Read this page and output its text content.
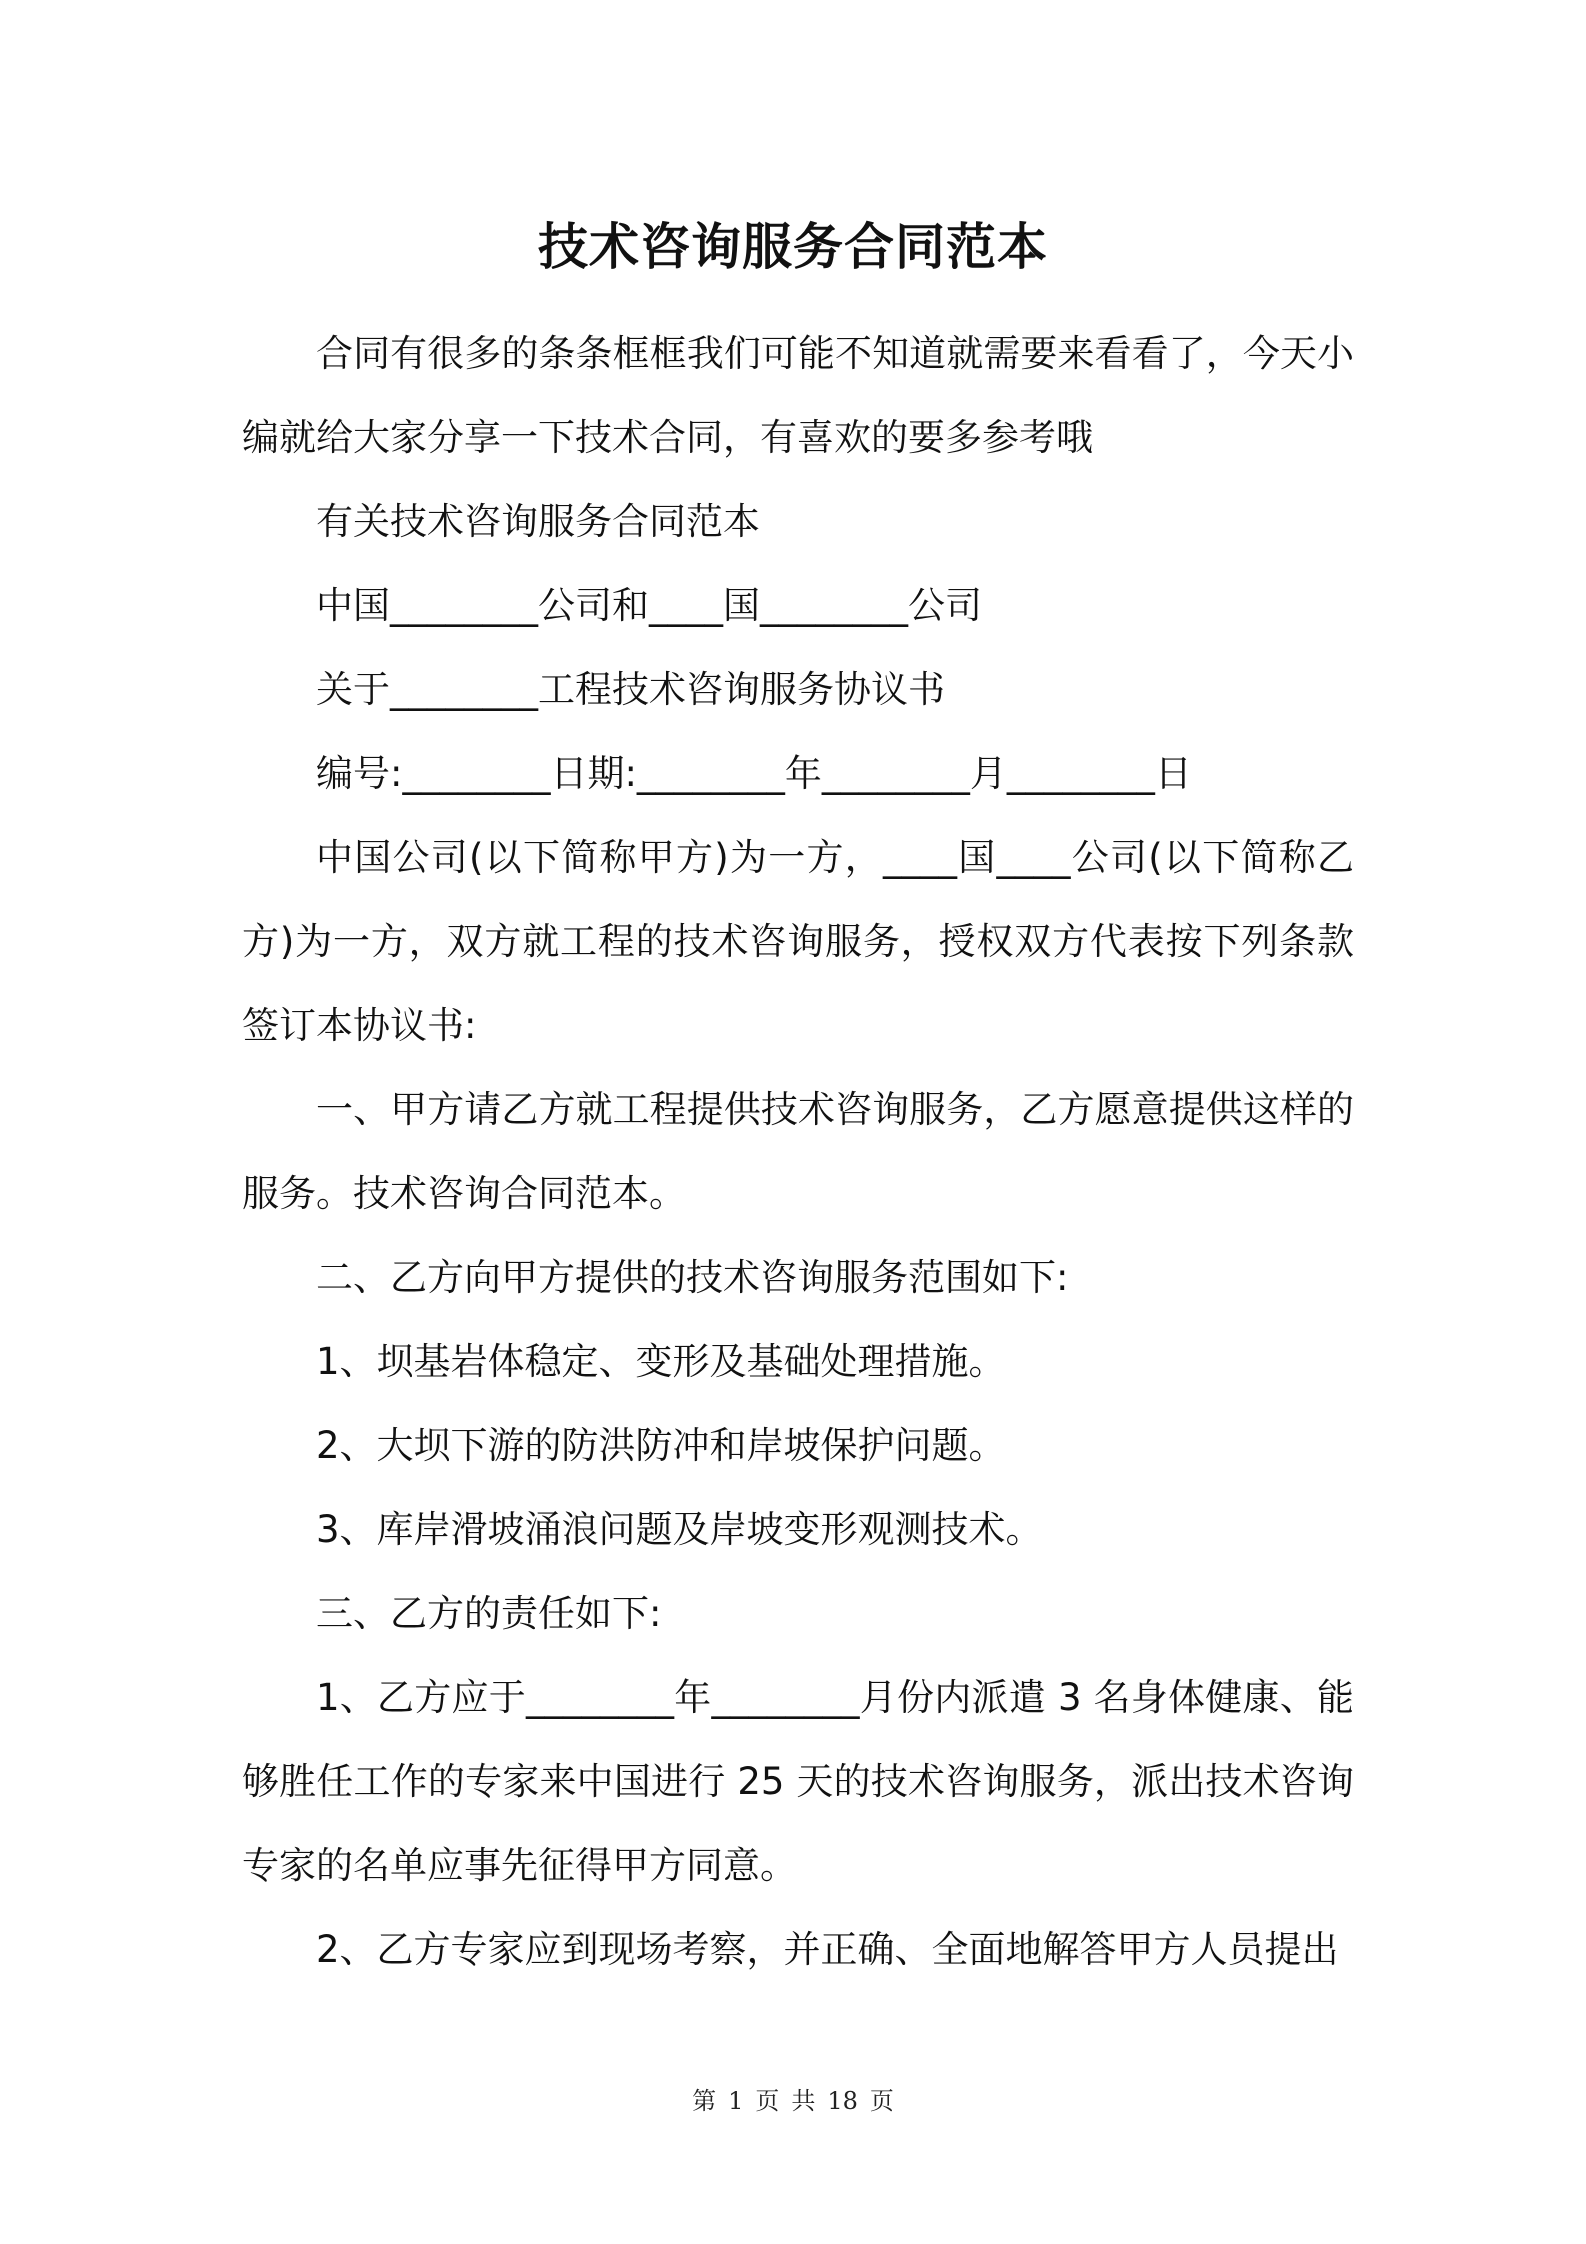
技术咨询服务合同范本

合同有很多的条条框框我们可能不知道就需要来看看了，今天小编就给大家分享一下技术合同，有喜欢的要多参考哦

有关技术咨询服务合同范本

中国________公司和____国________公司

关于________工程技术咨询服务协议书

编号:________日期:________年________月________日

中国公司(以下简称甲方)为一方，____国____公司(以下简称乙方)为一方，双方就工程的技术咨询服务，授权双方代表按下列条款签订本协议书:

一、甲方请乙方就工程提供技术咨询服务，乙方愿意提供这样的服务。技术咨询合同范本。

二、乙方向甲方提供的技术咨询服务范围如下:

1、坝基岩体稳定、变形及基础处理措施。

2、大坝下游的防洪防冲和岸坡保护问题。

3、库岸滑坡涌浪问题及岸坡变形观测技术。

三、乙方的责任如下:

1、乙方应于________年________月份内派遣 3 名身体健康、能够胜任工作的专家来中国进行 25 天的技术咨询服务，派出技术咨询专家的名单应事先征得甲方同意。

2、乙方专家应到现场考察，并正确、全面地解答甲方人员提出

第 1 页 共 18 页
